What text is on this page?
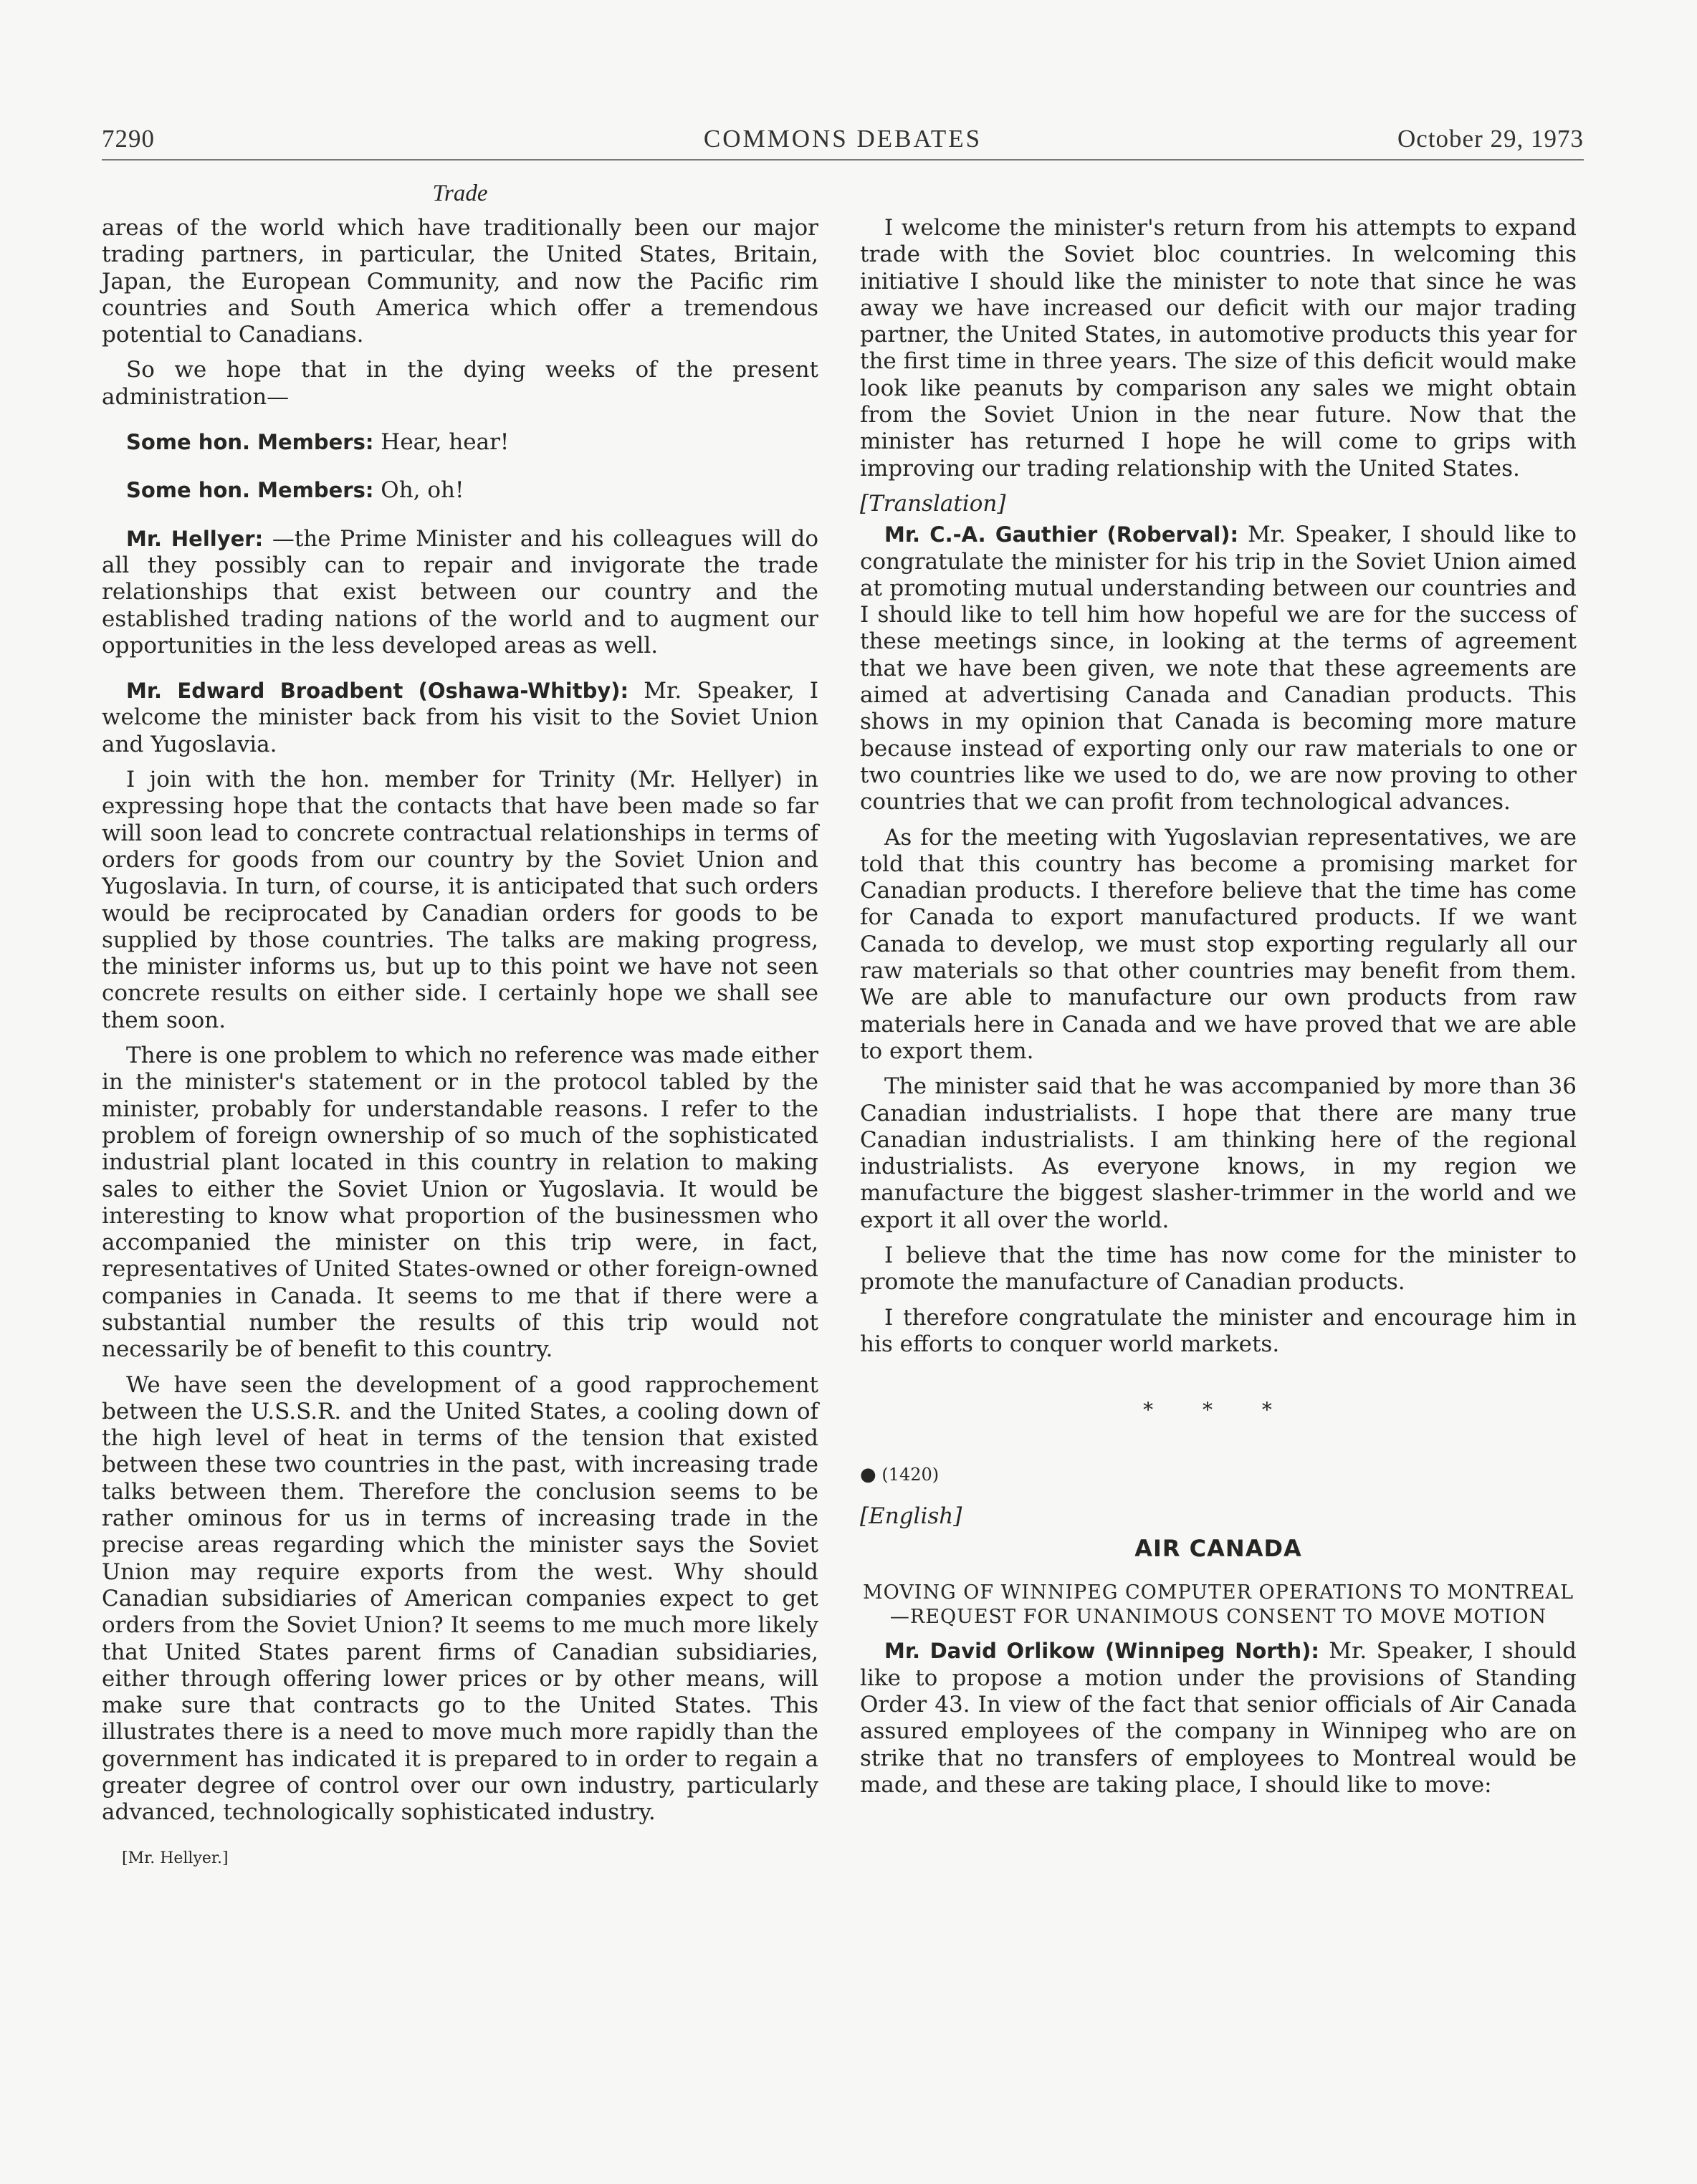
7290	COMMONS DEBATES	October 29, 1973
Trade

areas of the world which have traditionally been our major trading partners, in particular, the United States, Britain, Japan, the European Community, and now the Pacific rim countries and South America which offer a tremendous potential to Canadians.

So we hope that in the dying weeks of the present administration—

Some hon. Members: Hear, hear!

Some hon. Members: Oh, oh!

Mr. Hellyer: —the Prime Minister and his colleagues will do all they possibly can to repair and invigorate the trade relationships that exist between our country and the established trading nations of the world and to augment our opportunities in the less developed areas as well.

Mr. Edward Broadbent (Oshawa-Whitby): Mr. Speaker, I welcome the minister back from his visit to the Soviet Union and Yugoslavia.

I join with the hon. member for Trinity (Mr. Hellyer) in expressing hope that the contacts that have been made so far will soon lead to concrete contractual relationships in terms of orders for goods from our country by the Soviet Union and Yugoslavia. In turn, of course, it is anticipated that such orders would be reciprocated by Canadian orders for goods to be supplied by those countries. The talks are making progress, the minister informs us, but up to this point we have not seen concrete results on either side. I certainly hope we shall see them soon.

There is one problem to which no reference was made either in the minister's statement or in the protocol tabled by the minister, probably for understandable reasons. I refer to the problem of foreign ownership of so much of the sophisticated industrial plant located in this country in relation to making sales to either the Soviet Union or Yugoslavia. It would be interesting to know what proportion of the businessmen who accompanied the minister on this trip were, in fact, representatives of United States-owned or other foreign-owned companies in Canada. It seems to me that if there were a substantial number the results of this trip would not necessarily be of benefit to this country.

We have seen the development of a good rapprochement between the U.S.S.R. and the United States, a cooling down of the high level of heat in terms of the tension that existed between these two countries in the past, with increasing trade talks between them. Therefore the conclusion seems to be rather ominous for us in terms of increasing trade in the precise areas regarding which the minister says the Soviet Union may require exports from the west. Why should Canadian subsidiaries of American companies expect to get orders from the Soviet Union? It seems to me much more likely that United States parent firms of Canadian subsidiaries, either through offering lower prices or by other means, will make sure that contracts go to the United States. This illustrates there is a need to move much more rapidly than the government has indicated it is prepared to in order to regain a greater degree of control over our own industry, particularly advanced, technologically sophisticated industry.

[Mr. Hellyer.]

I welcome the minister's return from his attempts to expand trade with the Soviet bloc countries. In welcoming this initiative I should like the minister to note that since he was away we have increased our deficit with our major trading partner, the United States, in automotive products this year for the first time in three years. The size of this deficit would make look like peanuts by comparison any sales we might obtain from the Soviet Union in the near future. Now that the minister has returned I hope he will come to grips with improving our trading relationship with the United States.

[Translation]

Mr. C.-A. Gauthier (Roberval): Mr. Speaker, I should like to congratulate the minister for his trip in the Soviet Union aimed at promoting mutual understanding between our countries and I should like to tell him how hopeful we are for the success of these meetings since, in looking at the terms of agreement that we have been given, we note that these agreements are aimed at advertising Canada and Canadian products. This shows in my opinion that Canada is becoming more mature because instead of exporting only our raw materials to one or two countries like we used to do, we are now proving to other countries that we can profit from technological advances.

As for the meeting with Yugoslavian representatives, we are told that this country has become a promising market for Canadian products. I therefore believe that the time has come for Canada to export manufactured products. If we want Canada to develop, we must stop exporting regularly all our raw materials so that other countries may benefit from them. We are able to manufacture our own products from raw materials here in Canada and we have proved that we are able to export them.

The minister said that he was accompanied by more than 36 Canadian industrialists. I hope that there are many true Canadian industrialists. I am thinking here of the regional industrialists. As everyone knows, in my region we manufacture the biggest slasher-trimmer in the world and we export it all over the world.

I believe that the time has now come for the minister to promote the manufacture of Canadian products.

I therefore congratulate the minister and encourage him in his efforts to conquer world markets.

* * *
● (1420)
[English]
AIR CANADA
MOVING OF WINNIPEG COMPUTER OPERATIONS TO MONTREAL—REQUEST FOR UNANIMOUS CONSENT TO MOVE MOTION

Mr. David Orlikow (Winnipeg North): Mr. Speaker, I should like to propose a motion under the provisions of Standing Order 43. In view of the fact that senior officials of Air Canada assured employees of the company in Winnipeg who are on strike that no transfers of employees to Montreal would be made, and these are taking place, I should like to move:
